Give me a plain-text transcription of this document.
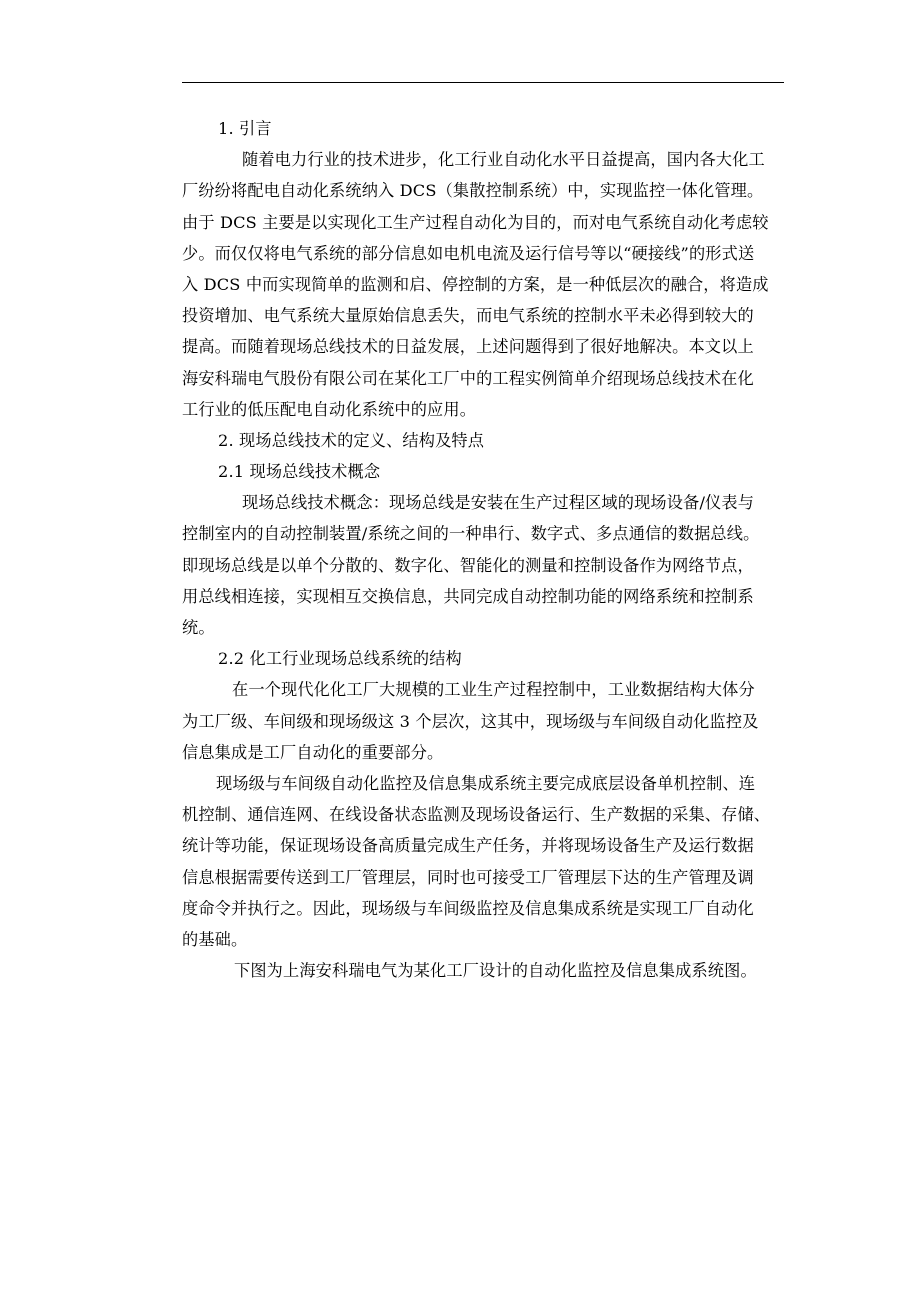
1. 引言
随着电力行业的技术进步，化工行业自动化水平日益提高，国内各大化工
厂纷纷将配电自动化系统纳入 DCS（集散控制系统）中，实现监控一体化管理。
由于 DCS 主要是以实现化工生产过程自动化为目的，而对电气系统自动化考虑较
少。而仅仅将电气系统的部分信息如电机电流及运行信号等以“硬接线”的形式送
入 DCS 中而实现简单的监测和启、停控制的方案，是一种低层次的融合，将造成
投资增加、电气系统大量原始信息丢失，而电气系统的控制水平未必得到较大的
提高。而随着现场总线技术的日益发展，上述问题得到了很好地解决。本文以上
海安科瑞电气股份有限公司在某化工厂中的工程实例简单介绍现场总线技术在化
工行业的低压配电自动化系统中的应用。
2. 现场总线技术的定义、结构及特点
2.1 现场总线技术概念
现场总线技术概念：现场总线是安装在生产过程区域的现场设备/仪表与
控制室内的自动控制装置/系统之间的一种串行、数字式、多点通信的数据总线。
即现场总线是以单个分散的、数字化、智能化的测量和控制设备作为网络节点，
用总线相连接，实现相互交换信息，共同完成自动控制功能的网络系统和控制系
统。
2.2 化工行业现场总线系统的结构
在一个现代化化工厂大规模的工业生产过程控制中，工业数据结构大体分
为工厂级、车间级和现场级这 3 个层次，这其中，现场级与车间级自动化监控及
信息集成是工厂自动化的重要部分。
现场级与车间级自动化监控及信息集成系统主要完成底层设备单机控制、连
机控制、通信连网、在线设备状态监测及现场设备运行、生产数据的采集、存储、
统计等功能，保证现场设备高质量完成生产任务，并将现场设备生产及运行数据
信息根据需要传送到工厂管理层，同时也可接受工厂管理层下达的生产管理及调
度命令并执行之。因此，现场级与车间级监控及信息集成系统是实现工厂自动化
的基础。
下图为上海安科瑞电气为某化工厂设计的自动化监控及信息集成系统图。
